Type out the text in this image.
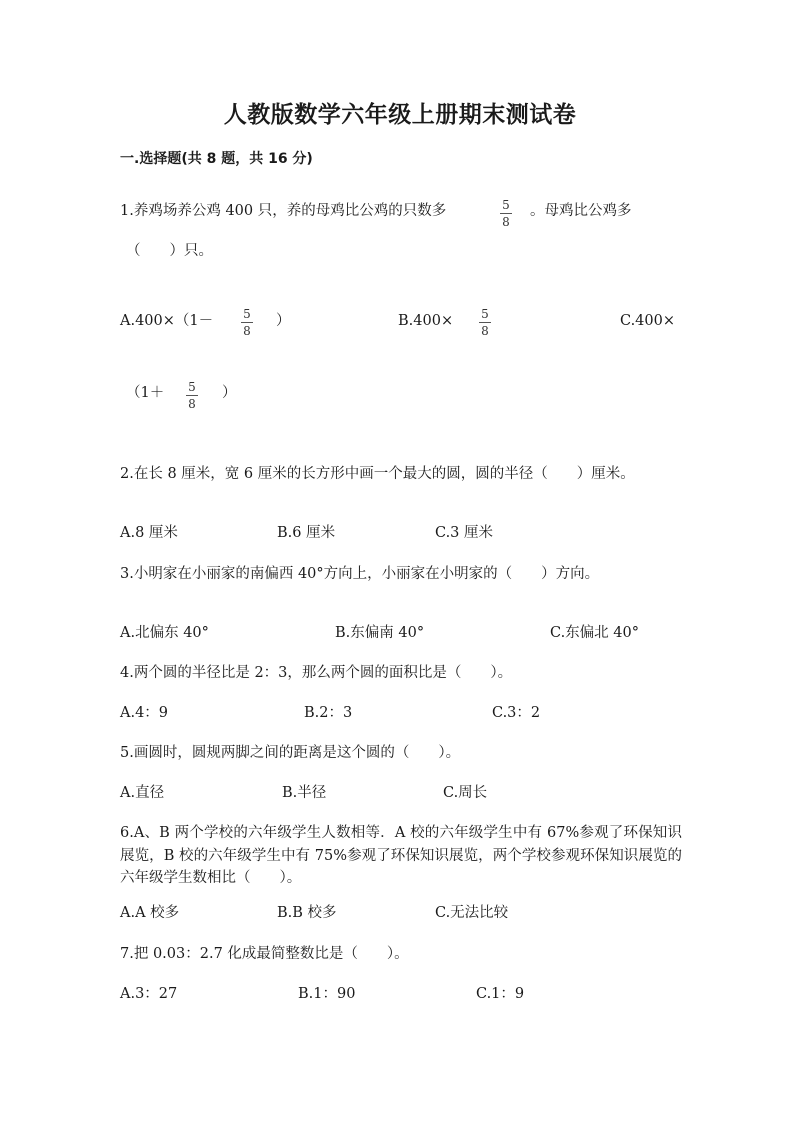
人教版数学六年级上册期末测试卷
一.选择题(共 8 题，共 16 分)
1.养鸡场养公鸡 400 只，养的母鸡比公鸡的只数多	5
8
。母鸡比公鸡多
（　　）只。
A.400×（1－	5
8
）	B.400× 5
8
C.400×
（1＋ 5
8
）
2.在长 8 厘米，宽 6 厘米的长方形中画一个最大的圆，圆的半径（　　）厘米。
A.8 厘米	B.6 厘米	C.3 厘米
3.小明家在小丽家的南偏西 40°方向上，小丽家在小明家的（　　）方向。
A.北偏东 40°	B.东偏南 40°	C.东偏北 40°
4.两个圆的半径比是 2：3，那么两个圆的面积比是（　　）。
A.4：9	B.2：3	C.3：2
5.画圆时，圆规两脚之间的距离是这个圆的（　　）。
A.直径	B.半径	C.周长
6.A、B 两个学校的六年级学生人数相等．A 校的六年级学生中有 67%参观了环保知识展览，B 校的六年级学生中有 75%参观了环保知识展览，两个学校参观环保知识展览的六年级学生数相比（　　）。
A.A 校多	B.B 校多	C.无法比较
7.把 0.03：2.7 化成最简整数比是（　　）。
A.3：27	B.1：90	C.1：9
